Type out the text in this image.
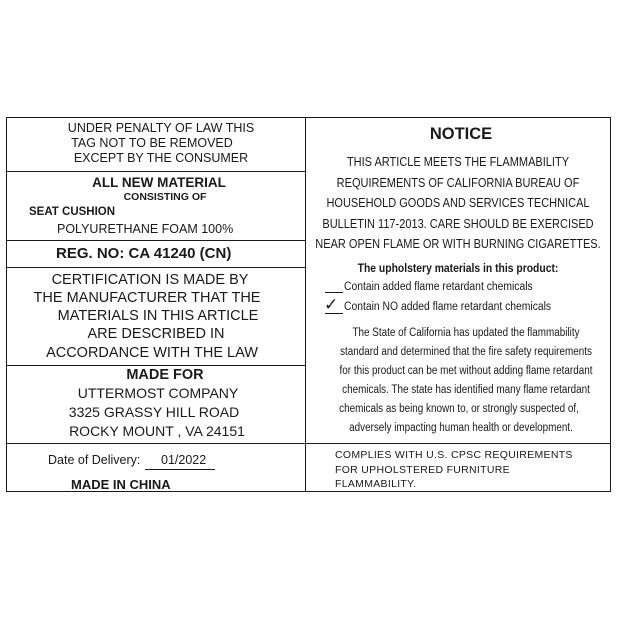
UNDER PENALTY OF LAW THIS
TAG NOT TO BE REMOVED
EXCEPT BY THE CONSUMER
ALL NEW MATERIAL
CONSISTING OF
SEAT CUSHION
POLYURETHANE FOAM 100%
REG. NO: CA 41240 (CN)
CERTIFICATION IS MADE BY
THE MANUFACTURER THAT THE
MATERIALS IN THIS ARTICLE
ARE DESCRIBED IN
ACCORDANCE WITH THE LAW
MADE FOR
UTTERMOST COMPANY
3325 GRASSY HILL ROAD
ROCKY MOUNT , VA 24151
Date of Delivery: 01/2022
MADE IN CHINA
NOTICE
THIS ARTICLE MEETS THE FLAMMABILITY
REQUIREMENTS OF CALIFORNIA BUREAU OF
HOUSEHOLD GOODS AND SERVICES TECHNICAL
BULLETIN 117-2013. CARE SHOULD BE EXERCISED
NEAR OPEN FLAME OR WITH BURNING CIGARETTES.
The upholstery materials in this product:
Contain added flame retardant chemicals
✓ Contain NO added flame retardant chemicals
The State of California has updated the flammability
standard and determined that the fire safety requirements
for this product can be met without adding flame retardant
chemicals. The state has identified many flame retardant
chemicals as being known to, or strongly suspected of,
adversely impacting human health or development.
COMPLIES WITH U.S. CPSC REQUIREMENTS
FOR UPHOLSTERED FURNITURE
FLAMMABILITY.
